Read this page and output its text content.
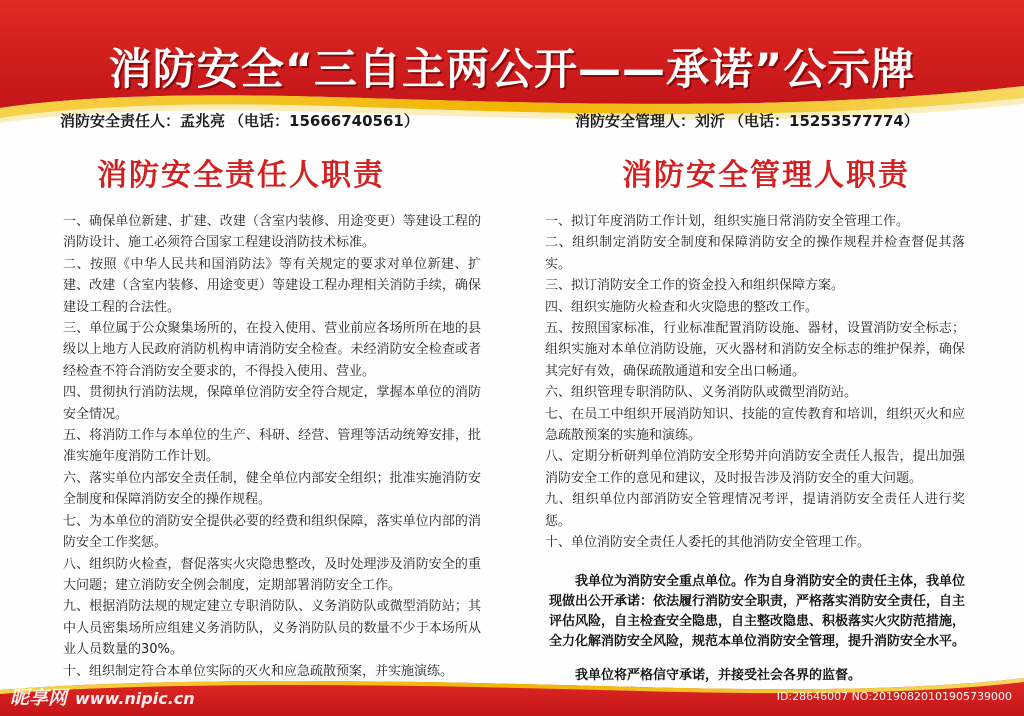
消防安全“三自主两公开——承诺”公示牌
消防安全责任人：孟兆亮 （电话：15666740561）	消防安全管理人：刘沂 （电话：15253577774）
消防安全责任人职责	消防安全管理人职责
一、确保单位新建、扩建、改建（含室内装修、用途变更）等建设工程的消防设计、施工必须符合国家工程建设消防技术标准。
二、按照《中华人民共和国消防法》等有关规定的要求对单位新建、扩建、改建（含室内装修、用途变更）等建设工程办理相关消防手续，确保建设工程的合法性。
三、单位属于公众聚集场所的，在投入使用、营业前应各场所所在地的县级以上地方人民政府消防机构申请消防安全检查。未经消防安全检查或者经检查不符合消防安全要求的，不得投入使用、营业。
四、贯彻执行消防法规，保障单位消防安全符合规定，掌握本单位的消防安全情况。
五、将消防工作与本单位的生产、科研、经营、管理等活动统筹安排，批准实施年度消防工作计划。
六、落实单位内部安全责任制，健全单位内部安全组织；批准实施消防安全制度和保障消防安全的操作规程。
七、为本单位的消防安全提供必要的经费和组织保障，落实单位内部的消防安全工作奖惩。
八、组织防火检查，督促落实火灾隐患整改，及时处理涉及消防安全的重大问题；建立消防安全例会制度，定期部署消防安全工作。
九、根据消防法规的规定建立专职消防队、义务消防队或微型消防站；其中人员密集场所应组建义务消防队，义务消防队员的数量不少于本场所从业人员数量的30%。
十、组织制定符合本单位实际的灭火和应急疏散预案，并实施演练。
一、拟订年度消防工作计划，组织实施日常消防安全管理工作。
二、组织制定消防安全制度和保障消防安全的操作规程并检查督促其落实。
三、拟订消防安全工作的资金投入和组织保障方案。
四、组织实施防火检查和火灾隐患的整改工作。
五、按照国家标准，行业标准配置消防设施、器材，设置消防安全标志；组织实施对本单位消防设施，灭火器材和消防安全标志的维护保养，确保其完好有效，确保疏散通道和安全出口畅通。
六、组织管理专职消防队、义务消防队或微型消防站。
七、在员工中组织开展消防知识、技能的宣传教育和培训，组织灭火和应急疏散预案的实施和演练。
八、定期分析研判单位消防安全形势并向消防安全责任人报告，提出加强消防安全工作的意见和建议，及时报告涉及消防安全的重大问题。
九、组织单位内部消防安全管理情况考评，提请消防安全责任人进行奖惩。
十、单位消防安全责任人委托的其他消防安全管理工作。

我单位为消防安全重点单位。作为自身消防安全的责任主体，我单位现做出公开承诺：依法履行消防安全职责，严格落实消防安全责任，自主评估风险，自主检查安全隐患，自主整改隐患、积极落实火灾防范措施，全力化解消防安全风险，规范本单位消防安全管理，提升消防安全水平。

我单位将严格信守承诺，并接受社会各界的监督。

昵享网 www.nipic.cn	ID:28646007 NO:20190820101905739000
